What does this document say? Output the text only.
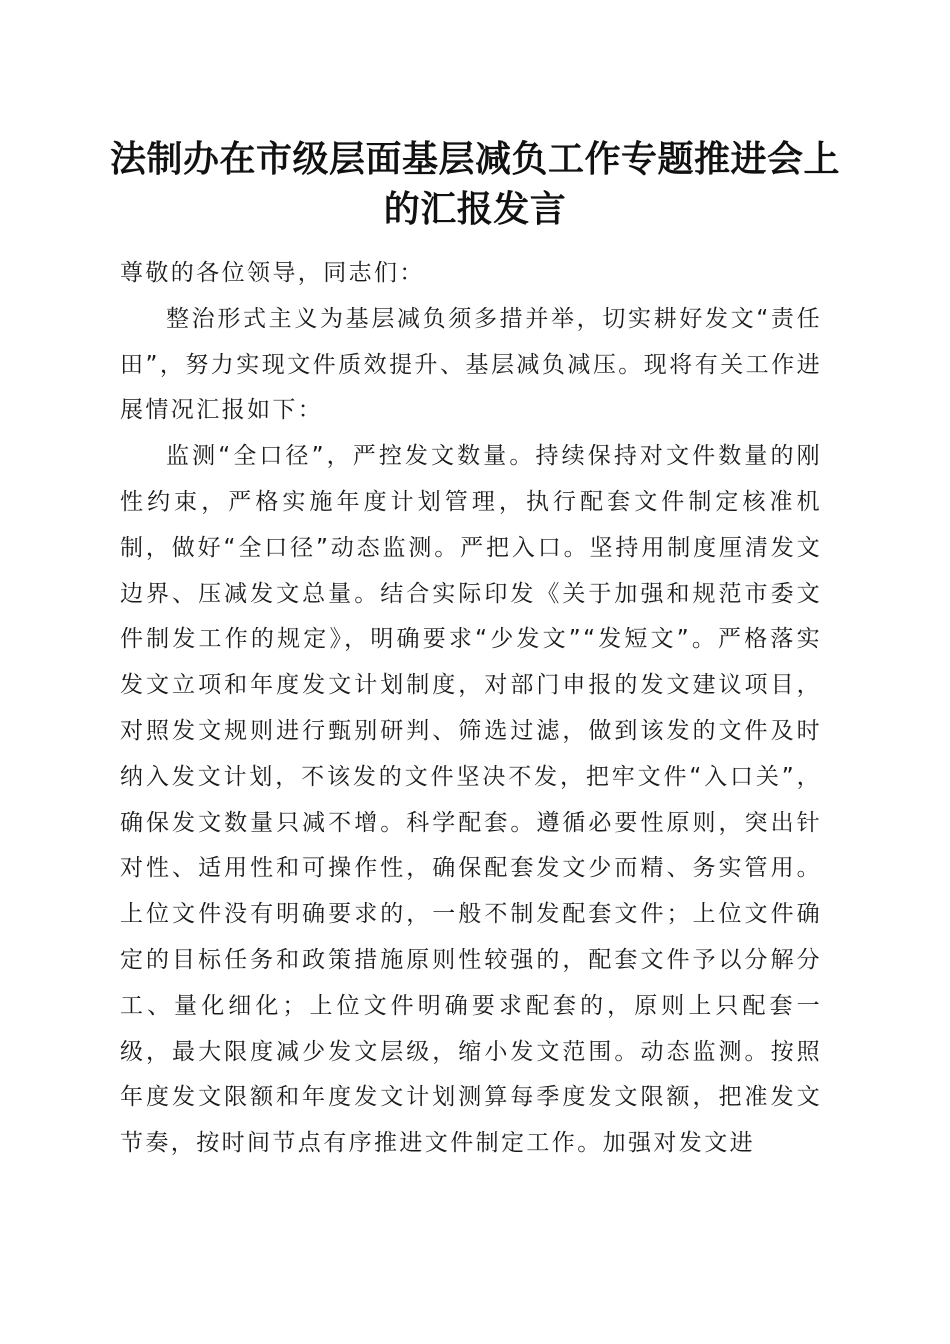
法制办在市级层面基层减负工作专题推进会上的汇报发言

尊敬的各位领导，同志们：

整治形式主义为基层减负须多措并举，切实耕好发文“责任田”，努力实现文件质效提升、基层减负减压。现将有关工作进展情况汇报如下：

监测“全口径”，严控发文数量。持续保持对文件数量的刚性约束，严格实施年度计划管理，执行配套文件制定核准机制，做好“全口径”动态监测。严把入口。坚持用制度厘清发文边界、压减发文总量。结合实际印发《关于加强和规范市委文件制发工作的规定》，明确要求“少发文”“发短文”。严格落实发文立项和年度发文计划制度，对部门申报的发文建议项目，对照发文规则进行甄别研判、筛选过滤，做到该发的文件及时纳入发文计划，不该发的文件坚决不发，把牢文件“入口关”，确保发文数量只减不增。科学配套。遵循必要性原则，突出针对性、适用性和可操作性，确保配套发文少而精、务实管用。上位文件没有明确要求的，一般不制发配套文件；上位文件确定的目标任务和政策措施原则性较强的，配套文件予以分解分工、量化细化；上位文件明确要求配套的，原则上只配套一级，最大限度减少发文层级，缩小发文范围。动态监测。按照年度发文限额和年度发文计划测算每季度发文限额，把准发文节奏，按时间节点有序推进文件制定工作。加强对发文进
